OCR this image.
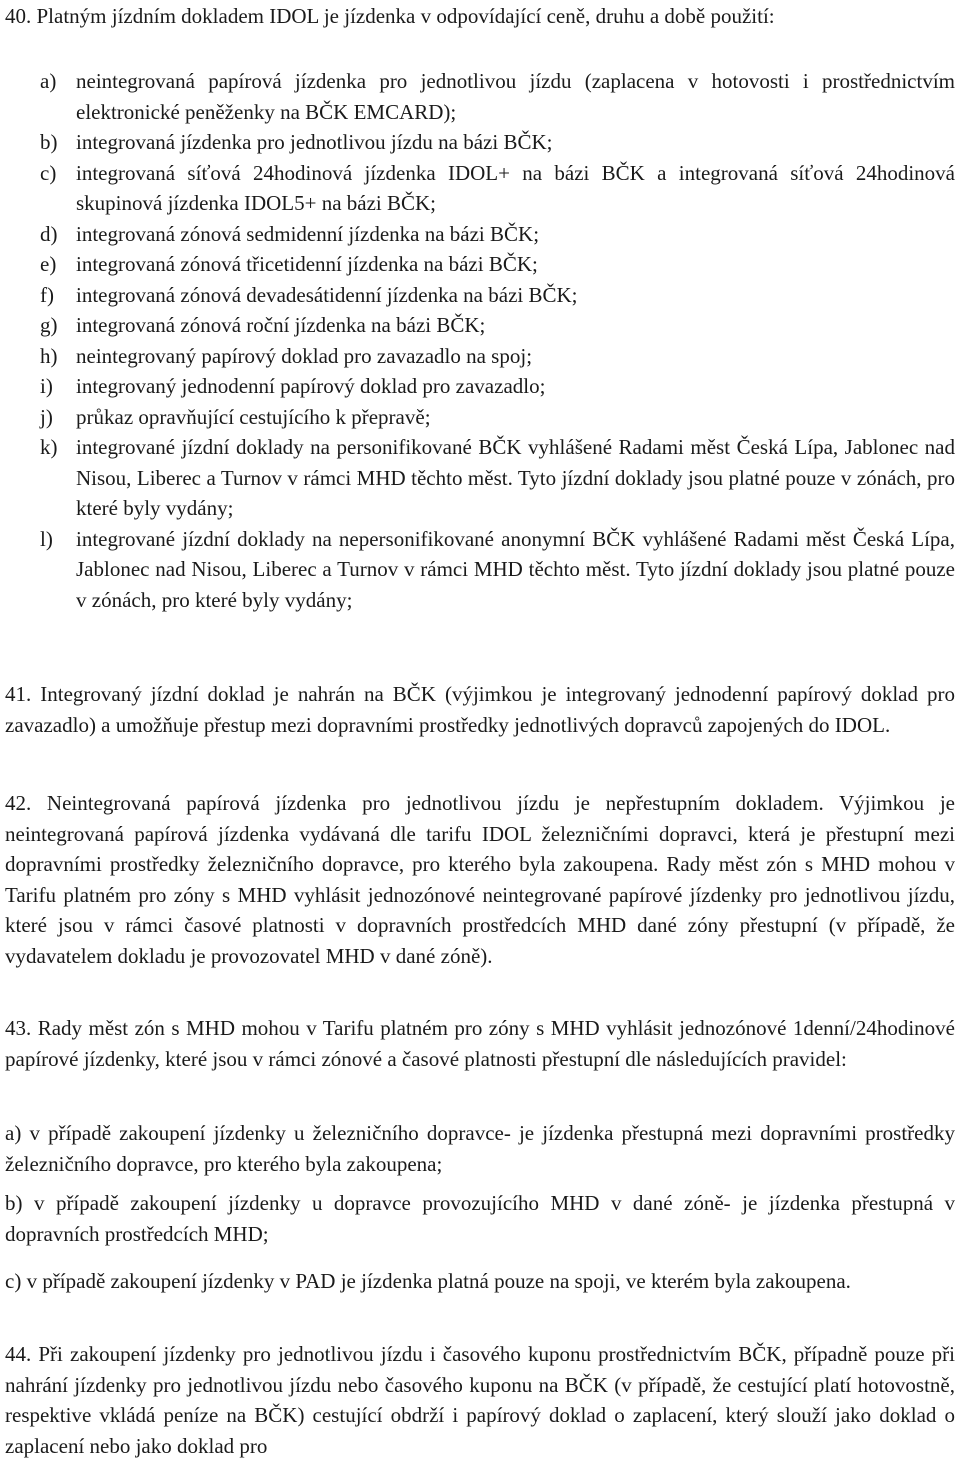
40. Platným jízdním dokladem IDOL je jízdenka v odpovídající ceně, druhu a době použití:

a) neintegrovaná papírová jízdenka pro jednotlivou jízdu (zaplacena v hotovosti i prostřednictvím elektronické peněženky na BČK EMCARD);
b) integrovaná jízdenka pro jednotlivou jízdu na bázi BČK;
c) integrovaná síťová 24hodinová jízdenka IDOL+ na bázi BČK a integrovaná síťová 24hodinová skupinová jízdenka IDOL5+ na bázi BČK;
d) integrovaná zónová sedmidenní jízdenka na bázi BČK;
e) integrovaná zónová třicetidenní jízdenka na bázi BČK;
f)	integrovaná zónová devadesátidenní jízdenka na bázi BČK;
g) integrovaná zónová roční jízdenka na bázi BČK;
h) neintegrovaný papírový doklad pro zavazadlo na spoj;
i)	integrovaný jednodenní papírový doklad pro zavazadlo;
j)	průkaz opravňující cestujícího k přepravě;
k) integrované jízdní doklady na personifikované BČK vyhlášené Radami měst Česká Lípa, Jablonec nad Nisou, Liberec a Turnov v rámci MHD těchto měst. Tyto jízdní doklady jsou platné pouze v zónách, pro které byly vydány;
l)	integrované jízdní doklady na nepersonifikované anonymní BČK vyhlášené Radami měst Česká Lípa, Jablonec nad Nisou, Liberec a Turnov v rámci MHD těchto měst. Tyto jízdní doklady jsou platné pouze v zónách, pro které byly vydány;

41. Integrovaný jízdní doklad je nahrán na BČK (výjimkou je integrovaný jednodenní papírový doklad pro zavazadlo) a umožňuje přestup mezi dopravními prostředky jednotlivých dopravců zapojených do IDOL.

42. Neintegrovaná papírová jízdenka pro jednotlivou jízdu je nepřestupním dokladem. Výjimkou je neintegrovaná papírová jízdenka vydávaná dle tarifu IDOL železničními dopravci, která je přestupní mezi dopravními prostředky železničního dopravce, pro kterého byla zakoupena. Rady měst zón s MHD mohou v Tarifu platném pro zóny s MHD vyhlásit jednozónové neintegrované papírové jízdenky pro jednotlivou jízdu, které jsou v rámci časové platnosti v dopravních prostředcích MHD dané zóny přestupní (v případě, že vydavatelem dokladu je provozovatel MHD v dané zóně).

43. Rady měst zón s MHD mohou v Tarifu platném pro zóny s MHD vyhlásit jednozónové 1denní/24hodinové papírové jízdenky, které jsou v rámci zónové a časové platnosti přestupní dle následujících pravidel:

a) v případě zakoupení jízdenky u železničního dopravce- je jízdenka přestupná mezi dopravními prostředky železničního dopravce, pro kterého byla zakoupena;

b) v případě zakoupení jízdenky u dopravce provozujícího MHD v dané zóně- je jízdenka přestupná v dopravních prostředcích MHD;

c) v případě zakoupení jízdenky v PAD je jízdenka platná pouze na spoji, ve kterém byla zakoupena.

44. Při zakoupení jízdenky pro jednotlivou jízdu i časového kuponu prostřednictvím BČK, případně pouze při nahrání jízdenky pro jednotlivou jízdu nebo časového kuponu na BČK (v případě, že cestující platí hotovostně, respektive vkládá peníze na BČK) cestující obdrží i papírový doklad o zaplacení, který slouží jako doklad o zaplacení nebo jako doklad pro
